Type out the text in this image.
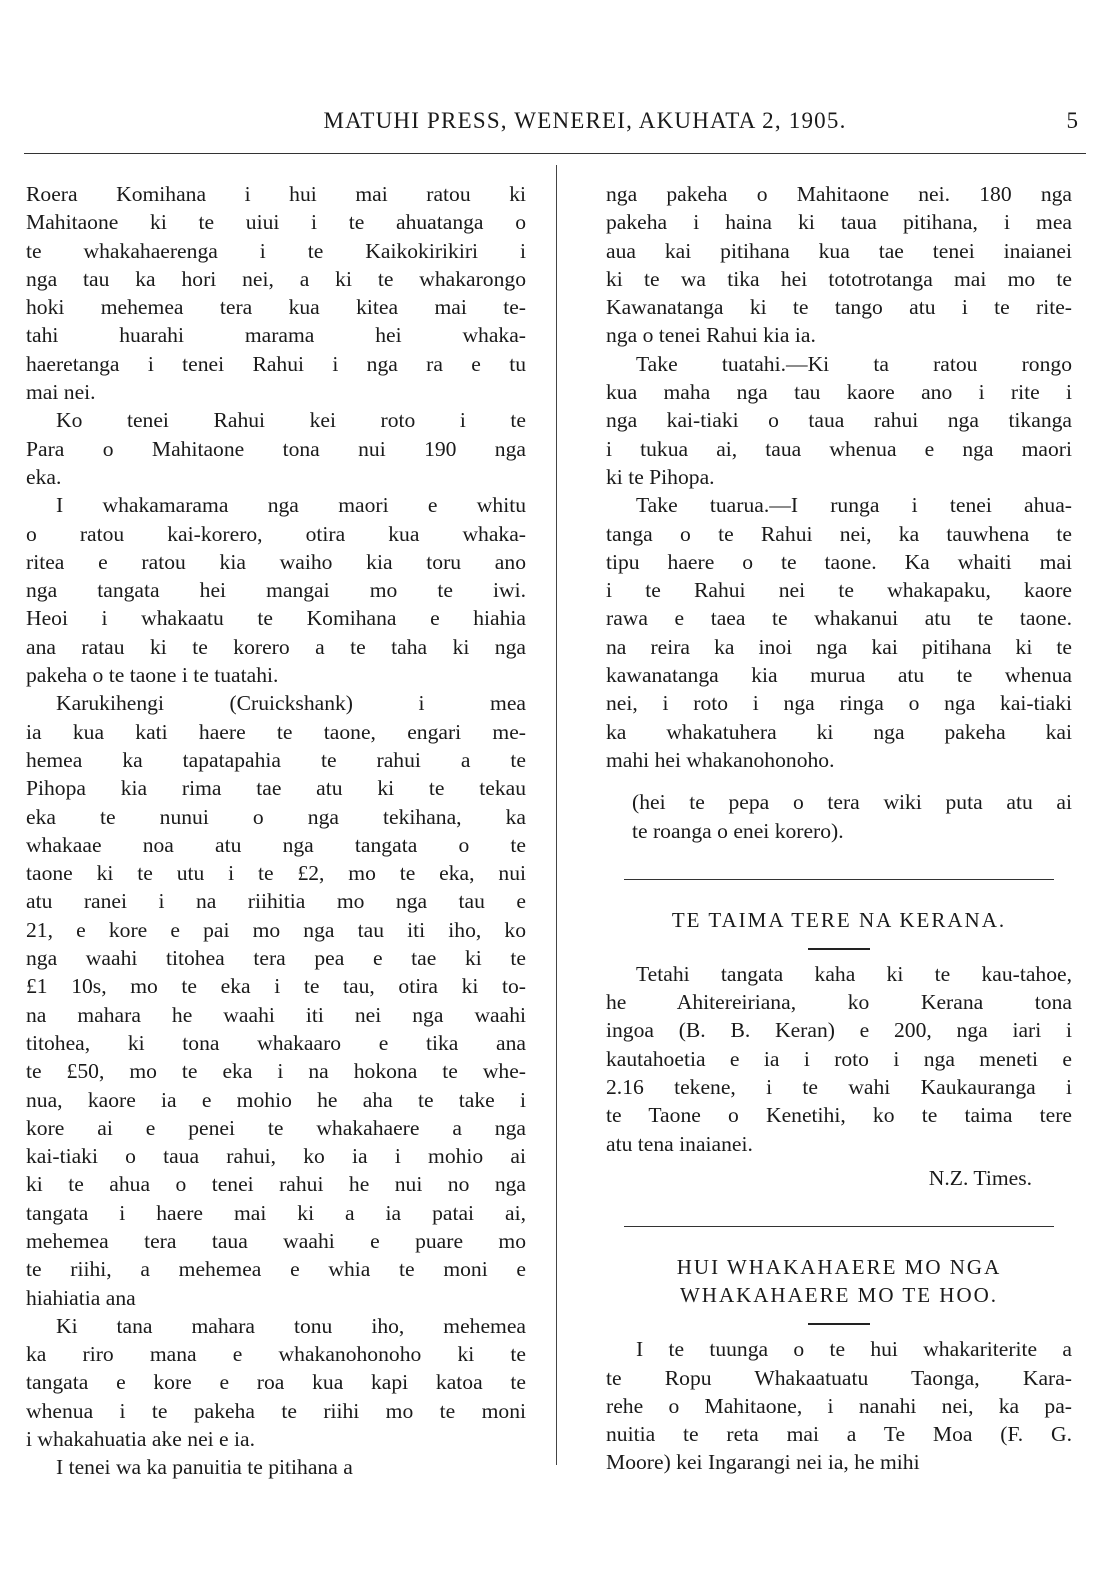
MATUHI PRESS, WENEREI, AKUHATA 2, 1905.	5
Roera Komihana i hui mai ratou ki
Mahitaone ki te uiui i te ahuatanga o
te whakahaerenga i te Kaikokirikiri i
nga tau ka hori nei, a ki te whakarongo
hoki mehemea tera kua kitea mai te-
tahi huarahi marama hei whaka-
haeretanga i tenei Rahui i nga ra e tu
mai nei.
Ko tenei Rahui kei roto i te
Para o Mahitaone tona nui 190 nga
eka.
I whakamarama nga maori e whitu
o ratou kai-korero, otira kua whaka-
ritea e ratou kia waiho kia toru ano
nga tangata hei mangai mo te iwi.
Heoi i whakaatu te Komihana e hiahia
ana ratau ki te korero a te taha ki nga
pakeha o te taone i te tuatahi.
Karukihengi (Cruickshank) i mea
ia kua kati haere te taone, engari me-
hemea ka tapatapahia te rahui a te
Pihopa kia rima tae atu ki te tekau
eka te nunui o nga tekihana, ka
whakaae noa atu nga tangata o te
taone ki te utu i te £2, mo te eka, nui
atu ranei i na riihitia mo nga tau e
21, e kore e pai mo nga tau iti iho, ko
nga waahi titohea tera pea e tae ki te
£1 10s, mo te eka i te tau, otira ki to-
na mahara he waahi iti nei nga waahi
titohea, ki tona whakaaro e tika ana
te £50, mo te eka i na hokona te whe-
nua, kaore ia e mohio he aha te take i
kore ai e penei te whakahaere a nga
kai-tiaki o taua rahui, ko ia i mohio ai
ki te ahua o tenei rahui he nui no nga
tangata i haere mai ki a ia patai ai,
mehemea tera taua waahi e puare mo
te riihi, a mehemea e whia te moni e
hiahiatia ana
Ki tana mahara tonu iho, mehemea
ka riro mana e whakanohonoho ki te
tangata e kore e roa kua kapi katoa te
whenua i te pakeha te riihi mo te moni
i whakahuatia ake nei e ia.
I tenei wa ka panuitia te pitihana a
nga pakeha o Mahitaone nei. 180 nga
pakeha i haina ki taua pitihana, i mea
aua kai pitihana kua tae tenei inaianei
ki te wa tika hei tototrotanga mai mo te
Kawanatanga ki te tango atu i te rite-
nga o tenei Rahui kia ia.
Take tuatahi.—Ki ta ratou rongo
kua maha nga tau kaore ano i rite i
nga kai-tiaki o taua rahui nga tikanga
i tukua ai, taua whenua e nga maori
ki te Pihopa.
Take tuarua.—I runga i tenei ahua-
tanga o te Rahui nei, ka tauwhena te
tipu haere o te taone. Ka whaiti mai
i te Rahui nei te whakapaku, kaore
rawa e taea te whakanui atu te taone.
na reira ka inoi nga kai pitihana ki te
kawanatanga kia murua atu te whenua
nei, i roto i nga ringa o nga kai-tiaki
ka whakatuhera ki nga pakeha kai
mahi hei whakanohonoho.
(hei te pepa o tera wiki puta atu ai
te roanga o enei korero).
TE TAIMA TERE NA KERANA.
Tetahi tangata kaha ki te kau-tahoe,
he Ahitereiriana, ko Kerana tona
ingoa (B. B. Keran) e 200, nga iari i
kautahoetia e ia i roto i nga meneti e
2.16 tekene, i te wahi Kaukauranga i
te Taone o Kenetihi, ko te taima tere
atu tena inaianei.
N.Z. Times.
HUI WHAKAHAERE MO NGA
WHAKAHAERE MO TE HOO.
I te tuunga o te hui whakariterite a
te Ropu Whakaatuatu Taonga, Kara-
rehe o Mahitaone, i nanahi nei, ka pa-
nuitia te reta mai a Te Moa (F. G.
Moore) kei Ingarangi nei ia, he mihi
